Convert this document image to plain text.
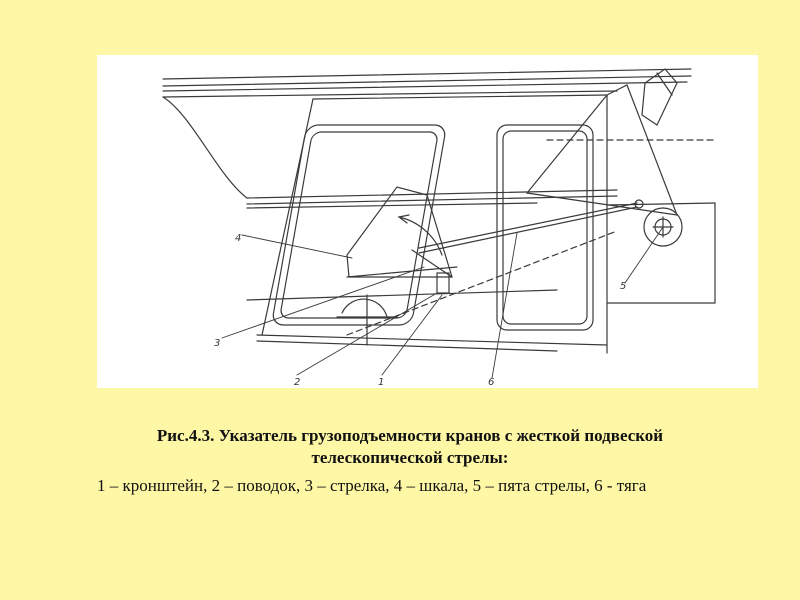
4
3
2	1	6
5
Рис.4.3. Указатель грузоподъемности кранов с жесткой подвеской
телескопической стрелы:
1 – кронштейн, 2 – поводок, 3 – стрелка, 4 – шкала, 5 – пята стрелы, 6 - тяга
